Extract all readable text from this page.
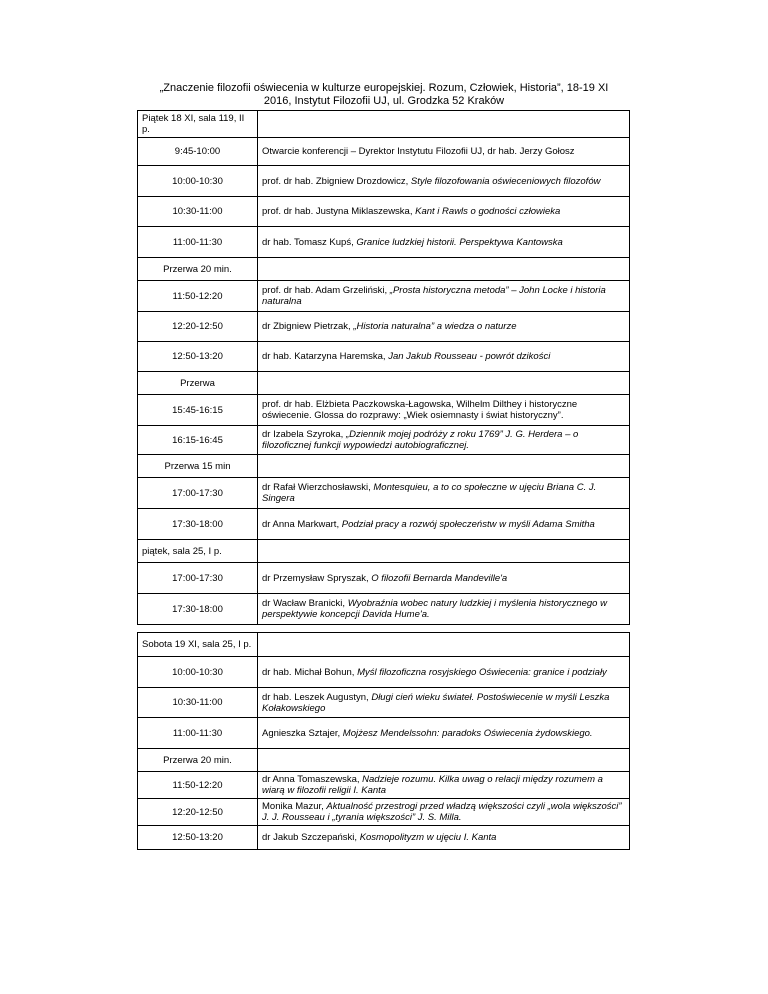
„Znaczenie filozofii oświecenia w kulturze europejskiej. Rozum, Człowiek, Historia”, 18-19 XI
2016, Instytut Filozofii UJ, ul. Grodzka 52 Kraków
Piątek 18 XI, sala 119, II p.	
9:45-10:00	Otwarcie konferencji – Dyrektor Instytutu Filozofii UJ, dr hab. Jerzy Gołosz
10:00-10:30	prof. dr hab. Zbigniew Drozdowicz, Style filozofowania oświeceniowych filozofów
10:30-11:00	prof. dr hab. Justyna Miklaszewska, Kant i Rawls o godności człowieka
11:00-11:30	dr hab. Tomasz Kupś, Granice ludzkiej historii. Perspektywa Kantowska
Przerwa 20 min.	
11:50-12:20	prof. dr hab. Adam Grzeliński, „Prosta historyczna metoda” – John Locke i historia naturalna
12:20-12:50	dr Zbigniew Pietrzak, „Historia naturalna” a wiedza o naturze
12:50-13:20	dr hab. Katarzyna Haremska, Jan Jakub Rousseau - powrót dzikości
Przerwa	
15:45-16:15	prof. dr hab. Elżbieta Paczkowska-Łagowska, Wilhelm Dilthey i historyczne oświecenie. Glossa do rozprawy: „Wiek osiemnasty i świat historyczny”.
16:15-16:45	dr Izabela Szyroka, „Dziennik mojej podróży z roku 1769” J. G. Herdera – o filozoficznej funkcji wypowiedzi autobiograficznej.
Przerwa 15 min	
17:00-17:30	dr Rafał Wierzchosławski, Montesquieu, a to co społeczne w ujęciu Briana C. J. Singera
17:30-18:00	dr Anna Markwart, Podział pracy a rozwój społeczeństw w myśli Adama Smitha
piątek, sala 25, I p.	
17:00-17:30	dr Przemysław Spryszak, O filozofii Bernarda Mandeville'a
17:30-18:00	dr Wacław Branicki, Wyobraźnia wobec natury ludzkiej i myślenia historycznego w perspektywie koncepcji Davida Hume'a.
Sobota 19 XI, sala 25, I p.	
10:00-10:30	dr hab. Michał Bohun, Myśl filozoficzna rosyjskiego Oświecenia: granice i podziały
10:30-11:00	dr hab. Leszek Augustyn, Długi cień wieku świateł. Postoświecenie w myśli Leszka Kołakowskiego
11:00-11:30	Agnieszka Sztajer, Mojżesz Mendelssohn: paradoks Oświecenia żydowskiego.
Przerwa 20 min.	
11:50-12:20	dr Anna Tomaszewska, Nadzieje rozumu. Kilka uwag o relacji między rozumem a wiarą w filozofii religii I. Kanta
12:20-12:50	Monika Mazur, Aktualność przestrogi przed władzą większości czyli „wola większości” J. J. Rousseau i „tyrania większości” J. S. Milla.
12:50-13:20	dr Jakub Szczepański, Kosmopolityzm w ujęciu I. Kanta
